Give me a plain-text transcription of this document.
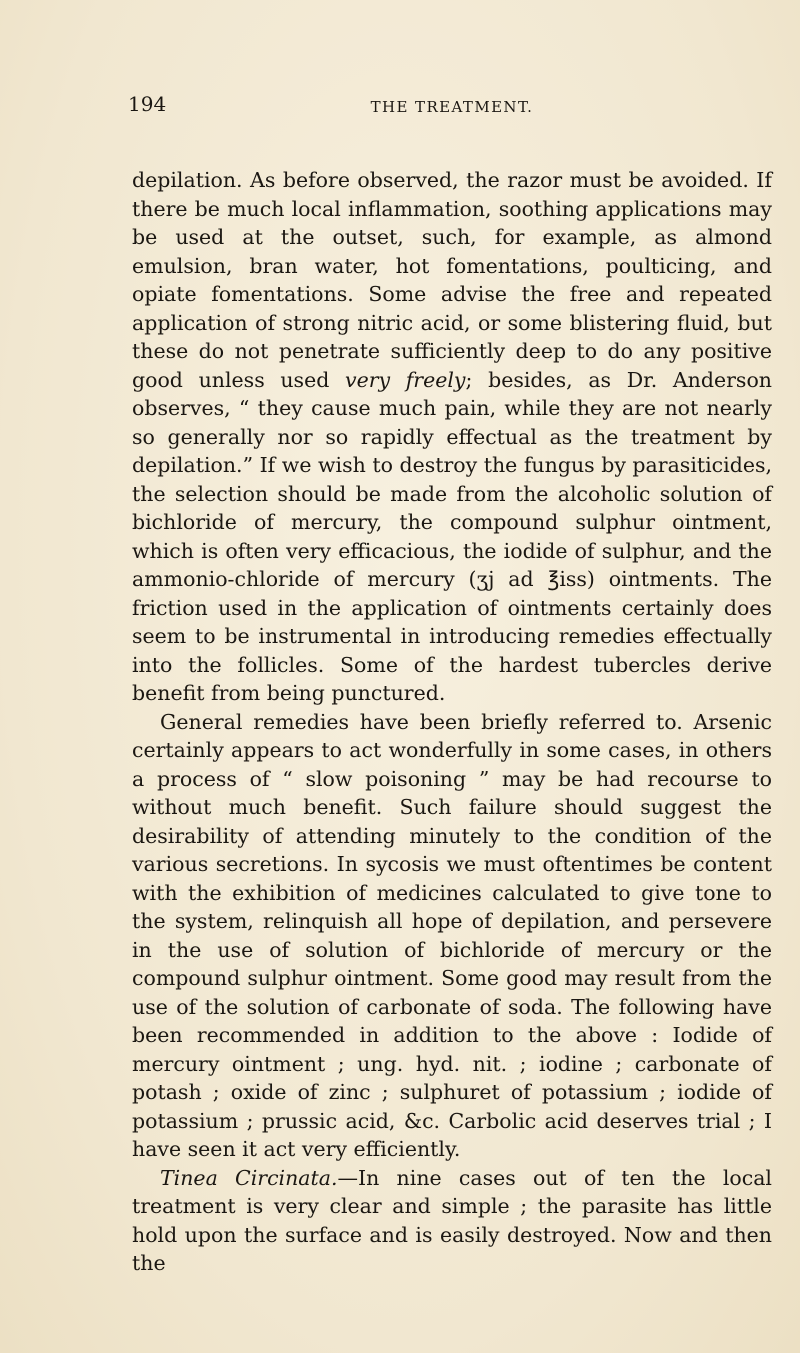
194	THE TREATMENT.

depilation. As before observed, the razor must be avoided. If there be much local inflammation, soothing applications may be used at the outset, such, for example, as almond emulsion, bran water, hot fomentations, poulticing, and opiate fomentations. Some advise the free and repeated application of strong nitric acid, or some blistering fluid, but these do not penetrate sufficiently deep to do any positive good unless used very freely; besides, as Dr. Anderson observes, “ they cause much pain, while they are not nearly so generally nor so rapidly effectual as the treatment by depilation.” If we wish to destroy the fungus by parasiticides, the selection should be made from the alcoholic solution of bichloride of mercury, the compound sulphur ointment, which is often very efficacious, the iodide of sulphur, and the ammonio-chloride of mercury (ʒj ad ℥iss) ointments. The friction used in the application of ointments certainly does seem to be instrumental in introducing remedies effectually into the follicles. Some of the hardest tubercles derive benefit from being punctured.

General remedies have been briefly referred to. Arsenic certainly appears to act wonderfully in some cases, in others a process of “ slow poisoning ” may be had recourse to without much benefit. Such failure should suggest the desirability of attending minutely to the condition of the various secretions. In sycosis we must oftentimes be content with the exhibition of medicines calculated to give tone to the system, relinquish all hope of depilation, and persevere in the use of solution of bichloride of mercury or the compound sulphur ointment. Some good may result from the use of the solution of carbonate of soda. The following have been recommended in addition to the above : Iodide of mercury ointment ; ung. hyd. nit. ; iodine ; carbonate of potash ; oxide of zinc ; sulphuret of potassium ; iodide of potassium ; prussic acid, &c. Carbolic acid deserves trial ; I have seen it act very efficiently.

Tinea Circinata.—In nine cases out of ten the local treatment is very clear and simple ; the parasite has little hold upon the surface and is easily destroyed. Now and then the
